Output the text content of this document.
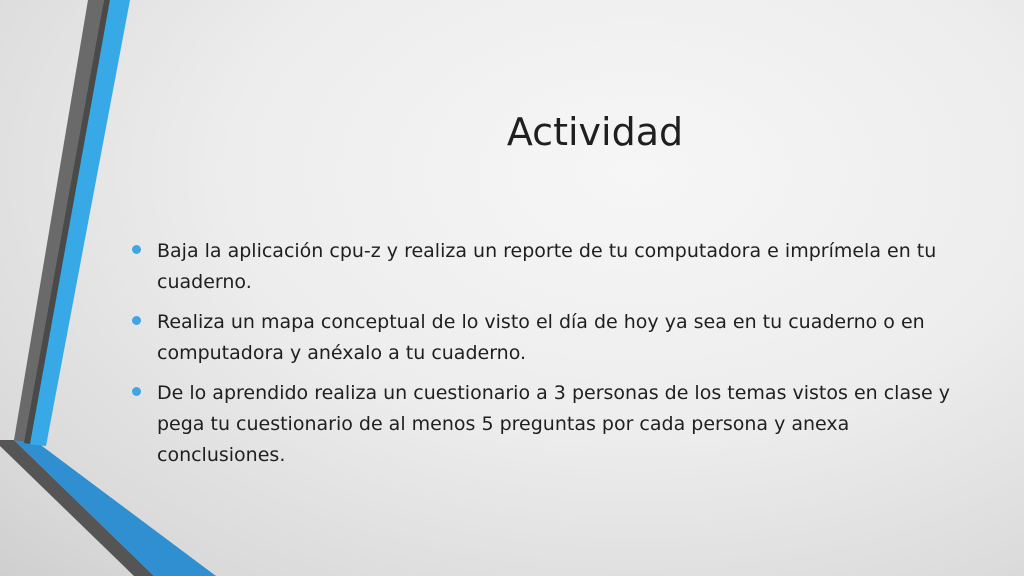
Actividad
Baja la aplicación cpu-z y realiza un reporte de tu computadora e imprímela en tu cuaderno.
Realiza un mapa conceptual de lo visto el día de hoy ya sea en tu cuaderno o en computadora y anéxalo a tu cuaderno.
De lo aprendido realiza un cuestionario a 3 personas de los temas vistos en clase y pega tu cuestionario de al menos 5 preguntas por cada persona y anexa conclusiones.
